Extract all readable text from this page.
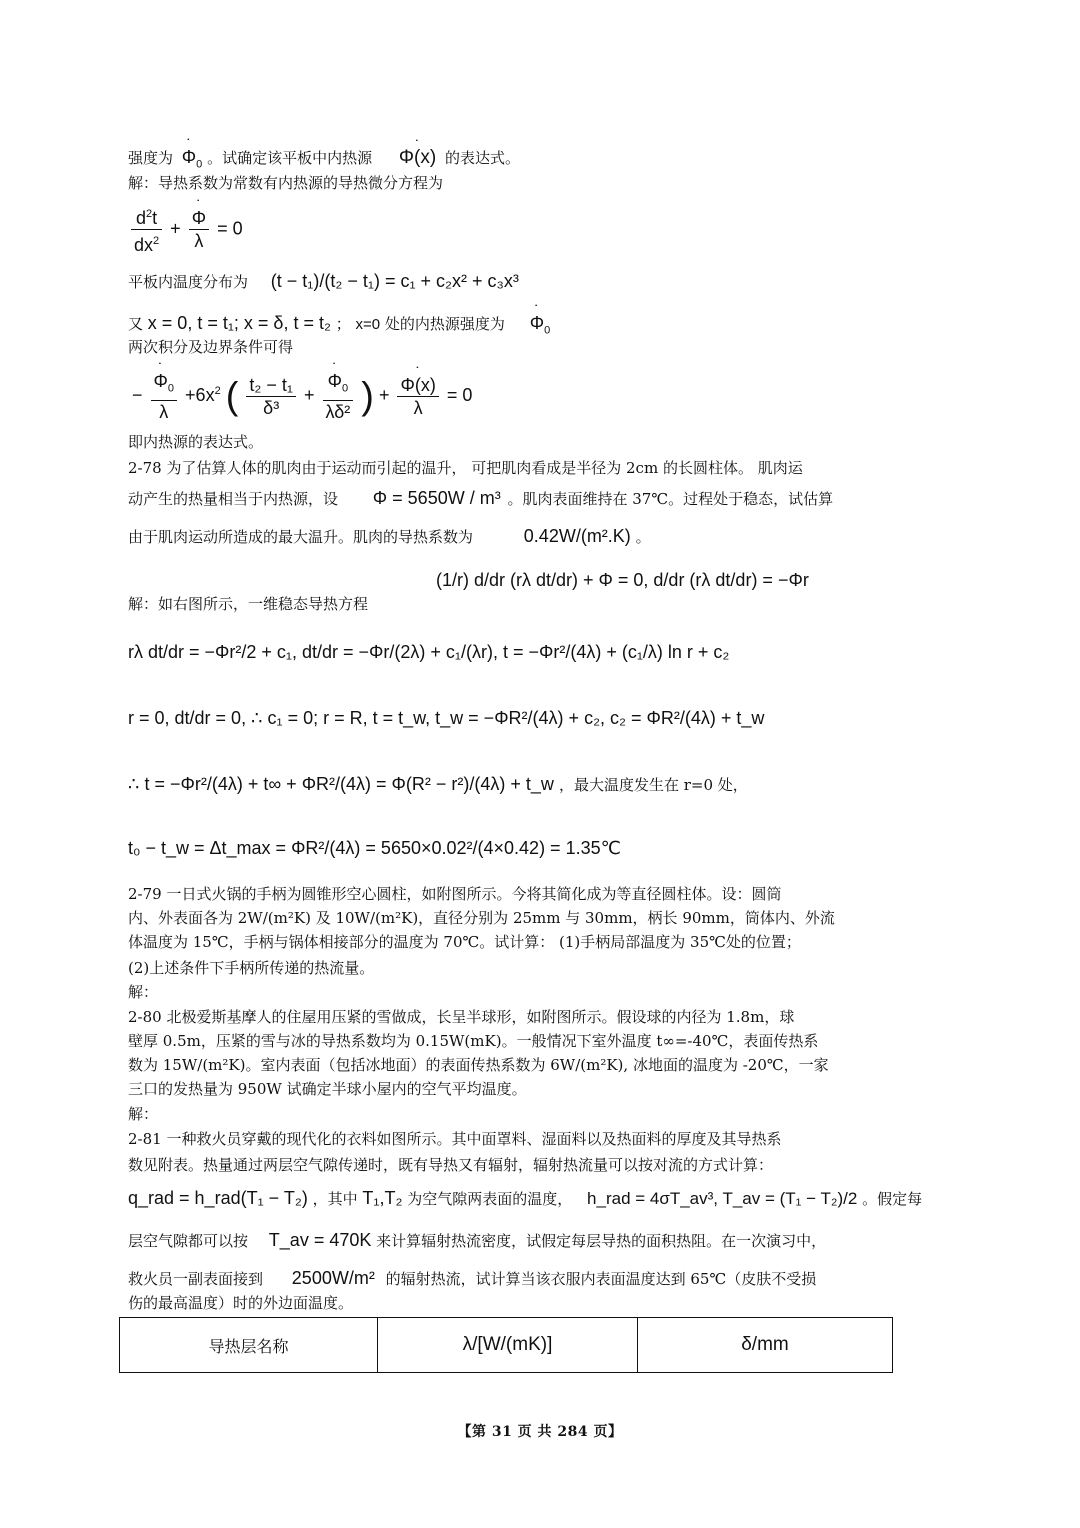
强度为 ˙ $\Phi_0$ 。试确定该平板中内热源 ˙ Φ(x) 的表达式。
解：导热系数为常数有内热源的导热微分方程为
$\frac{d^2t}{dx^2}$ + ˙ $\frac{\Phi}{\lambda} = 0$
平板内温度分布为 (t − t₁)/(t₂ − t₁) = c₁ + c₂x² + c₃x³
又 x = 0, t = t₁; x = δ, t = t₂ ； x=0 处的内热源强度为 ˙ $\Phi_0$
两次积分及边界条件可得
− ˙ $\frac{\Phi_0}{\lambda} +6x^2$ ( $\frac{\text{t₂ − t₁}}{\text{δ³}}$ + ˙ $\frac{\Phi_0}{\text{λδ²}}$ ) + ˙ $\frac{\Phi(x)}{\lambda} = 0$
即内热源的表达式。
2-78 为了估算人体的肌肉由于运动而引起的温升， 可把肌肉看成是半径为 2cm 的长圆柱体。 肌肉运
动产生的热量相当于内热源，设 Φ = 5650W / m³ 。肌肉表面维持在 37℃。过程处于稳态，试估算
由于肌肉运动所造成的最大温升。肌肉的导热系数为	0.42W/(m².K) 。
解：如右图所示，一维稳态导热方程
(1/r) d/dr (rλ dt/dr) + Φ = 0, d/dr (rλ dt/dr) = −Φr
rλ dt/dr = −Φr²/2 + c₁, dt/dr = −Φr/(2λ) + c₁/(λr), t = −Φr²/(4λ) + (c₁/λ) ln r + c₂
r = 0, dt/dr = 0, ∴ c₁ = 0; r = R, t = t_w, t_w = −ΦR²/(4λ) + c₂, c₂ = ΦR²/(4λ) + t_w
∴ t = −Φr²/(4λ) + t∞ + ΦR²/(4λ) = Φ(R² − r²)/(4λ) + t_w ，最大温度发生在 r=0 处，
t₀ − t_w = Δt_max = ΦR²/(4λ) = 5650×0.02²/(4×0.42) = 1.35℃
2-79 一日式火锅的手柄为圆锥形空心圆柱，如附图所示。今将其简化成为等直径圆柱体。设：圆筒
内、外表面各为 2W/(m²K) 及 10W/(m²K)，直径分别为 25mm 与 30mm，柄长 90mm，筒体内、外流
体温度为 15℃，手柄与锅体相接部分的温度为 70℃。试计算： (1)手柄局部温度为 35℃处的位置；
(2)上述条件下手柄所传递的热流量。
解：
2-80 北极爱斯基摩人的住屋用压紧的雪做成，长呈半球形，如附图所示。假设球的内径为 1.8m，球
壁厚 0.5m，压紧的雪与冰的导热系数均为 0.15W(mK)。一般情况下室外温度 t∞=-40℃，表面传热系
数为 15W/(m²K)。室内表面（包括冰地面）的表面传热系数为 6W/(m²K), 冰地面的温度为 -20℃，一家
三口的发热量为 950W 试确定半球小屋内的空气平均温度。
解：
2-81 一种救火员穿戴的现代化的衣料如图所示。其中面罩料、湿面料以及热面料的厚度及其导热系
数见附表。热量通过两层空气隙传递时，既有导热又有辐射，辐射热流量可以按对流的方式计算：
q_rad = h_rad(T₁ − T₂) ，其中 T₁,T₂ 为空气隙两表面的温度， h_rad = 4σT_av³, T_av = (T₁ − T₂)/2 。假定每
层空气隙都可以按 T_av = 470K 来计算辐射热流密度，试假定每层导热的面积热阻。在一次演习中，
救火员一副表面接到 2500W/m² 的辐射热流，试计算当该衣服内表面温度达到 65℃（皮肤不受损
伤的最高温度）时的外边面温度。
导热层名称	λ/[W/(mK)]	δ/mm
【第 31 页 共 284 页】
